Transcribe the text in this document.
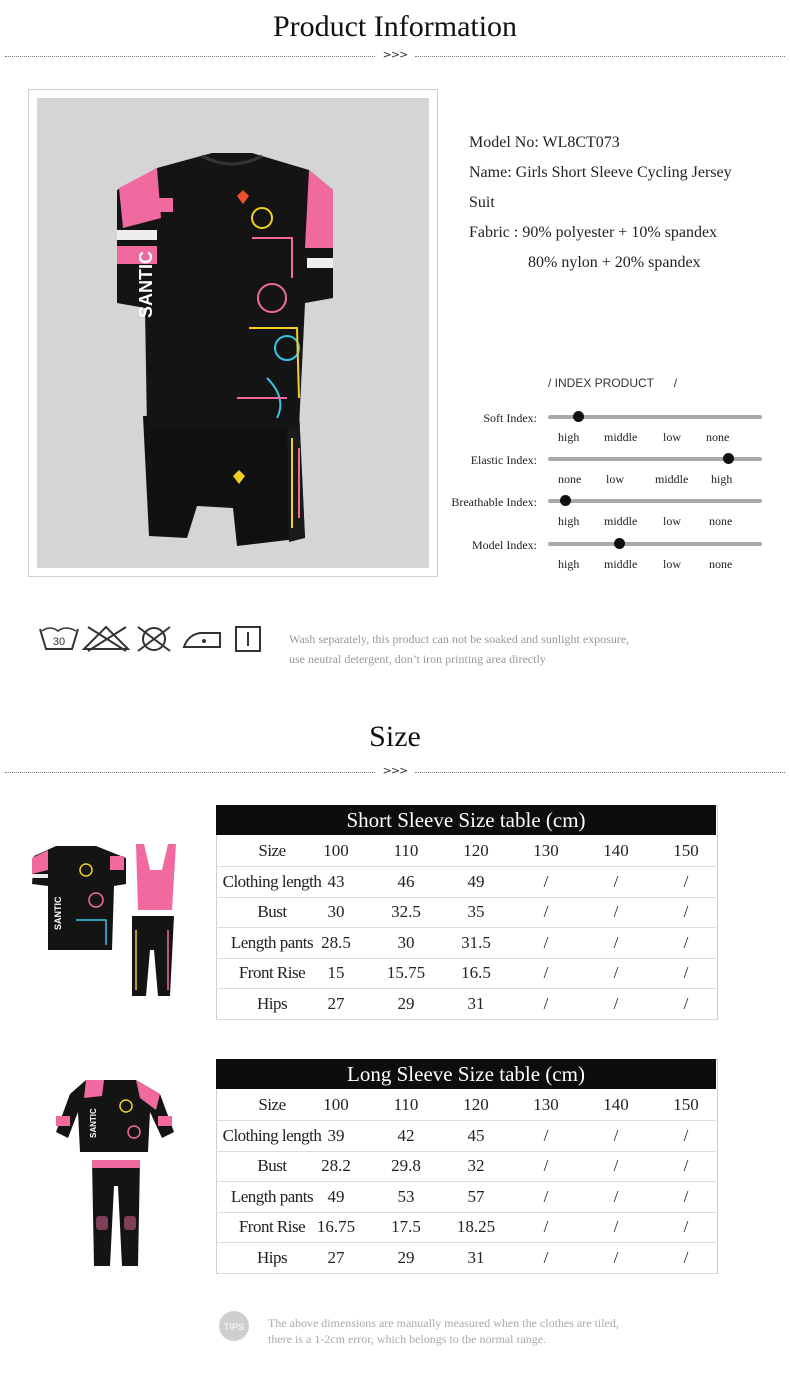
Product Information
>>>
SANTIC
Model No: WL8CT073
Name: Girls Short Sleeve Cycling Jersey
Suit
Fabric : 90% polyester + 10% spandex
80% nylon + 20% spandex
/ INDEX PRODUCT      /
Soft Index:
high middle low none
Elastic Index:
none low	middle high
Breathable Index:
high middle low none
Model Index:
high middle low none
30	Wash separately, this product can not be soaked and sunlight exposure,
use neutral detergent, don’t iron printing area directly
Size
>>>
SANTIC
Short Sleeve Size table (cm)
Size	100	110	120	130	140	150
Clothing length 43	46	49	/	/	/
Bust	30	32.5	35	/	/	/
Length pants 28.5	30	31.5	/	/	/
Front Rise	15	15.75	16.5	/	/	/
Hips	27	29	31	/	/	/
SANTIC
Long Sleeve Size table (cm)
Size	100	110	120	130	140	150
Clothing length 39	42	45	/	/	/
Bust	28.2	29.8	32	/	/	/
Length pants 49	53	57	/	/	/
Front Rise 16.75	17.5	18.25	/	/	/
Hips	27	29	31	/	/	/
TIPS The above dimensions are manually measured when the clothes are tiled,
there is a 1-2cm error, which belongs to the normal range.
